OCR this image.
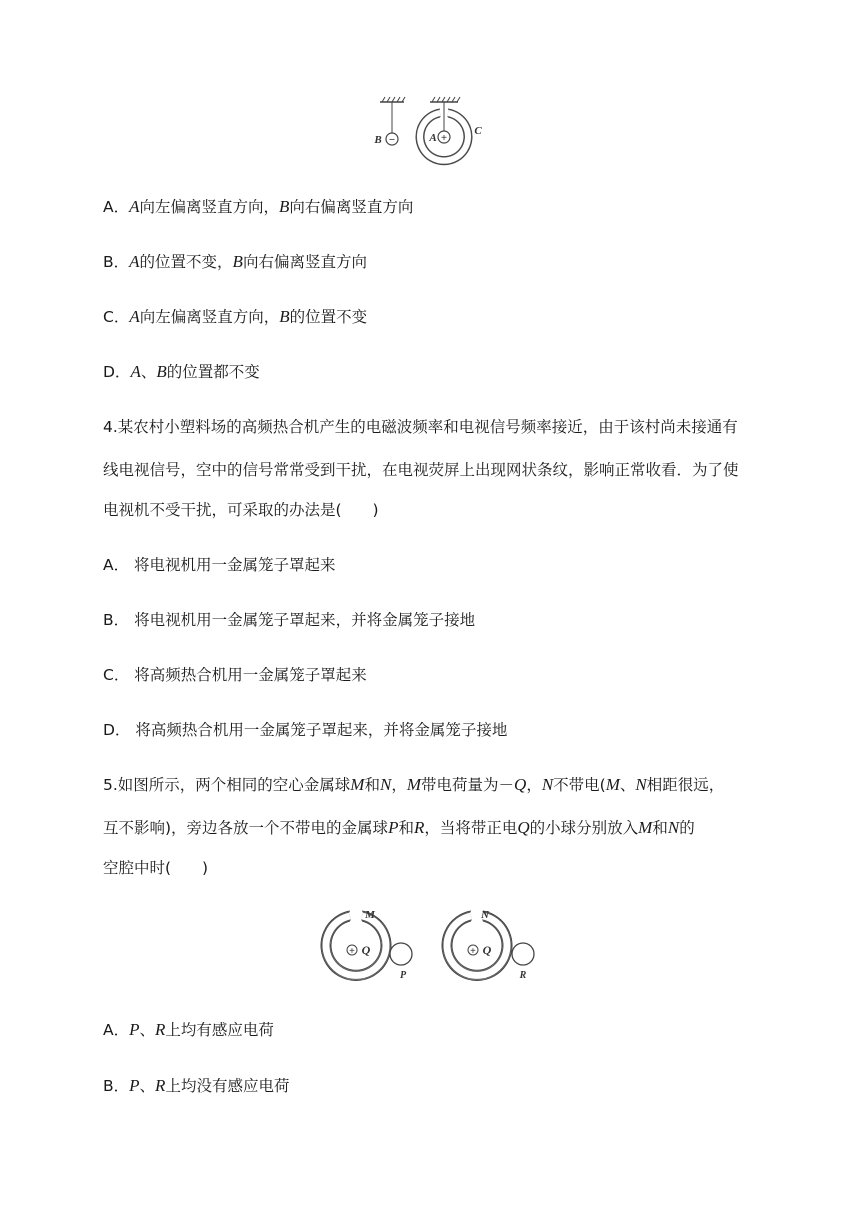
−
B	+
A
C
A．A向左偏离竖直方向，B向右偏离竖直方向
B．A的位置不变，B向右偏离竖直方向
C．A向左偏离竖直方向，B的位置不变
D．A、B的位置都不变
4.某农村小塑料场的高频热合机产生的电磁波频率和电视信号频率接近，由于该村尚未接通有
线电视信号，空中的信号常常受到干扰，在电视荧屏上出现网状条纹，影响正常收看．为了使
电视机不受干扰，可采取的办法是(　　)
A． 将电视机用一金属笼子罩起来
B． 将电视机用一金属笼子罩起来，并将金属笼子接地
C． 将高频热合机用一金属笼子罩起来
D． 将高频热合机用一金属笼子罩起来，并将金属笼子接地
5.如图所示，两个相同的空心金属球M和N，M带电荷量为－Q，N不带电(M、N相距很远，
互不影响)，旁边各放一个不带电的金属球P和R，当将带正电Q的小球分别放入M和N的
空腔中时(　　)
+ Q
M
P
+ Q
N
R
A．P、R上均有感应电荷
B．P、R上均没有感应电荷
